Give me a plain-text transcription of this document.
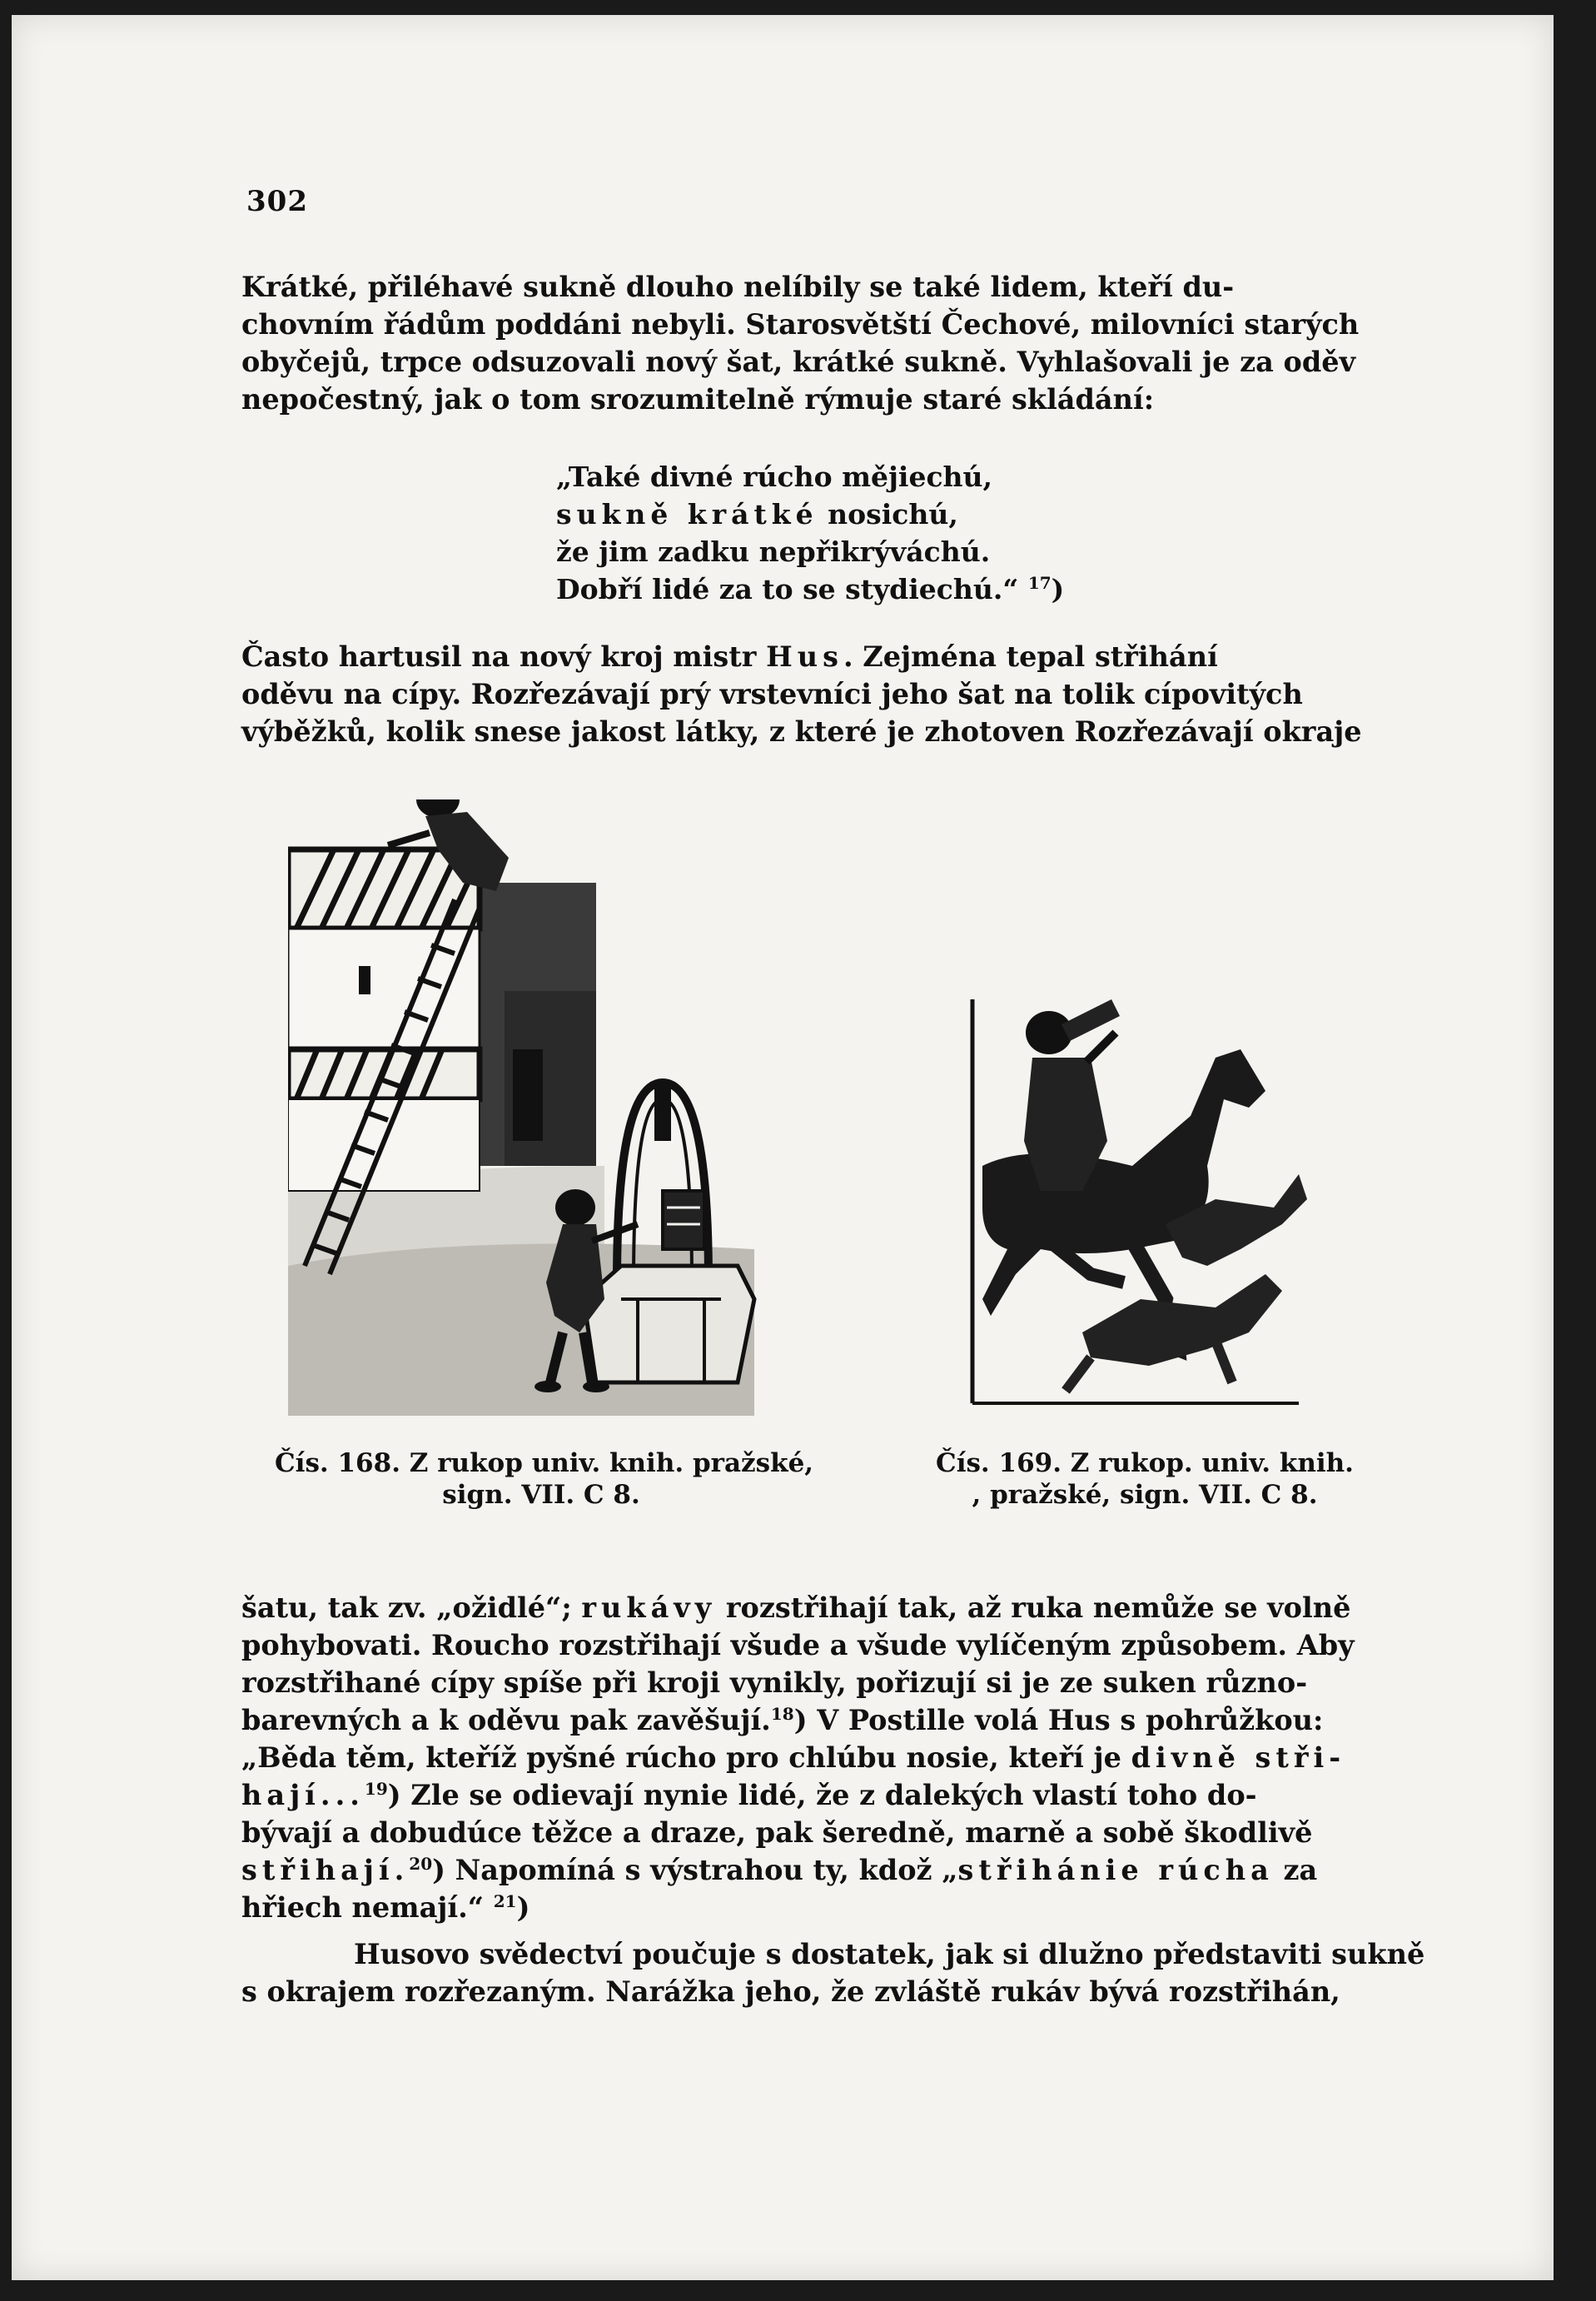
302

Krátké, přiléhavé sukně dlouho nelíbily se také lidem, kteří du-
chovním řádům poddáni nebyli. Starosvětští Čechové, milovníci starých
obyčejů, trpce odsuzovali nový šat, krátké sukně. Vyhlašovali je za oděv
nepočestný, jak o tom srozumitelně rýmuje staré skládání:

„Také divné rúcho mějiechú,
sukně krátké nosichú,
že jim zadku nepřikrýváchú.
Dobří lidé za to se stydiechú.“ $^{17}$)

Často hartusil na nový kroj mistr Hus. Zejména tepal střihání
oděvu na cípy. Rozřezávají prý vrstevníci jeho šat na tolik cípovitých
výběžků, kolik snese jakost látky, z které je zhotoven Rozřezávají okraje

Čís. 168. Z rukop univ. knih. pražské,
sign. VII. C 8.
Čís. 169. Z rukop. univ. knih.
, pražské, sign. VII. C 8.

šatu, tak zv. „ožidlé“; rukávy rozstřihají tak, až ruka nemůže se volně
pohybovati. Roucho rozstřihají všude a všude vylíčeným způsobem. Aby
rozstřihané cípy spíše při kroji vynikly, pořizují si je ze suken různo-
barevných a k oděvu pak zavěšují.$^{18}$) V Postille volá Hus s pohrůžkou:
„Běda těm, kteříž pyšné rúcho pro chlúbu nosie, kteří je divně stři-
hají...$^{19}$) Zle se odievají nynie lidé, že z dalekých vlastí toho do-
bývají a dobudúce těžce a draze, pak šeredně, marně a sobě škodlivě
střihají.$^{20}$) Napomíná s výstrahou ty, kdož „střihánie rúcha za
hřiech nemají.“ $^{21}$)

Husovo svědectví poučuje s dostatek, jak si dlužno představiti sukně
s okrajem rozřezaným. Narážka jeho, že zvláště rukáv bývá rozstřihán,
